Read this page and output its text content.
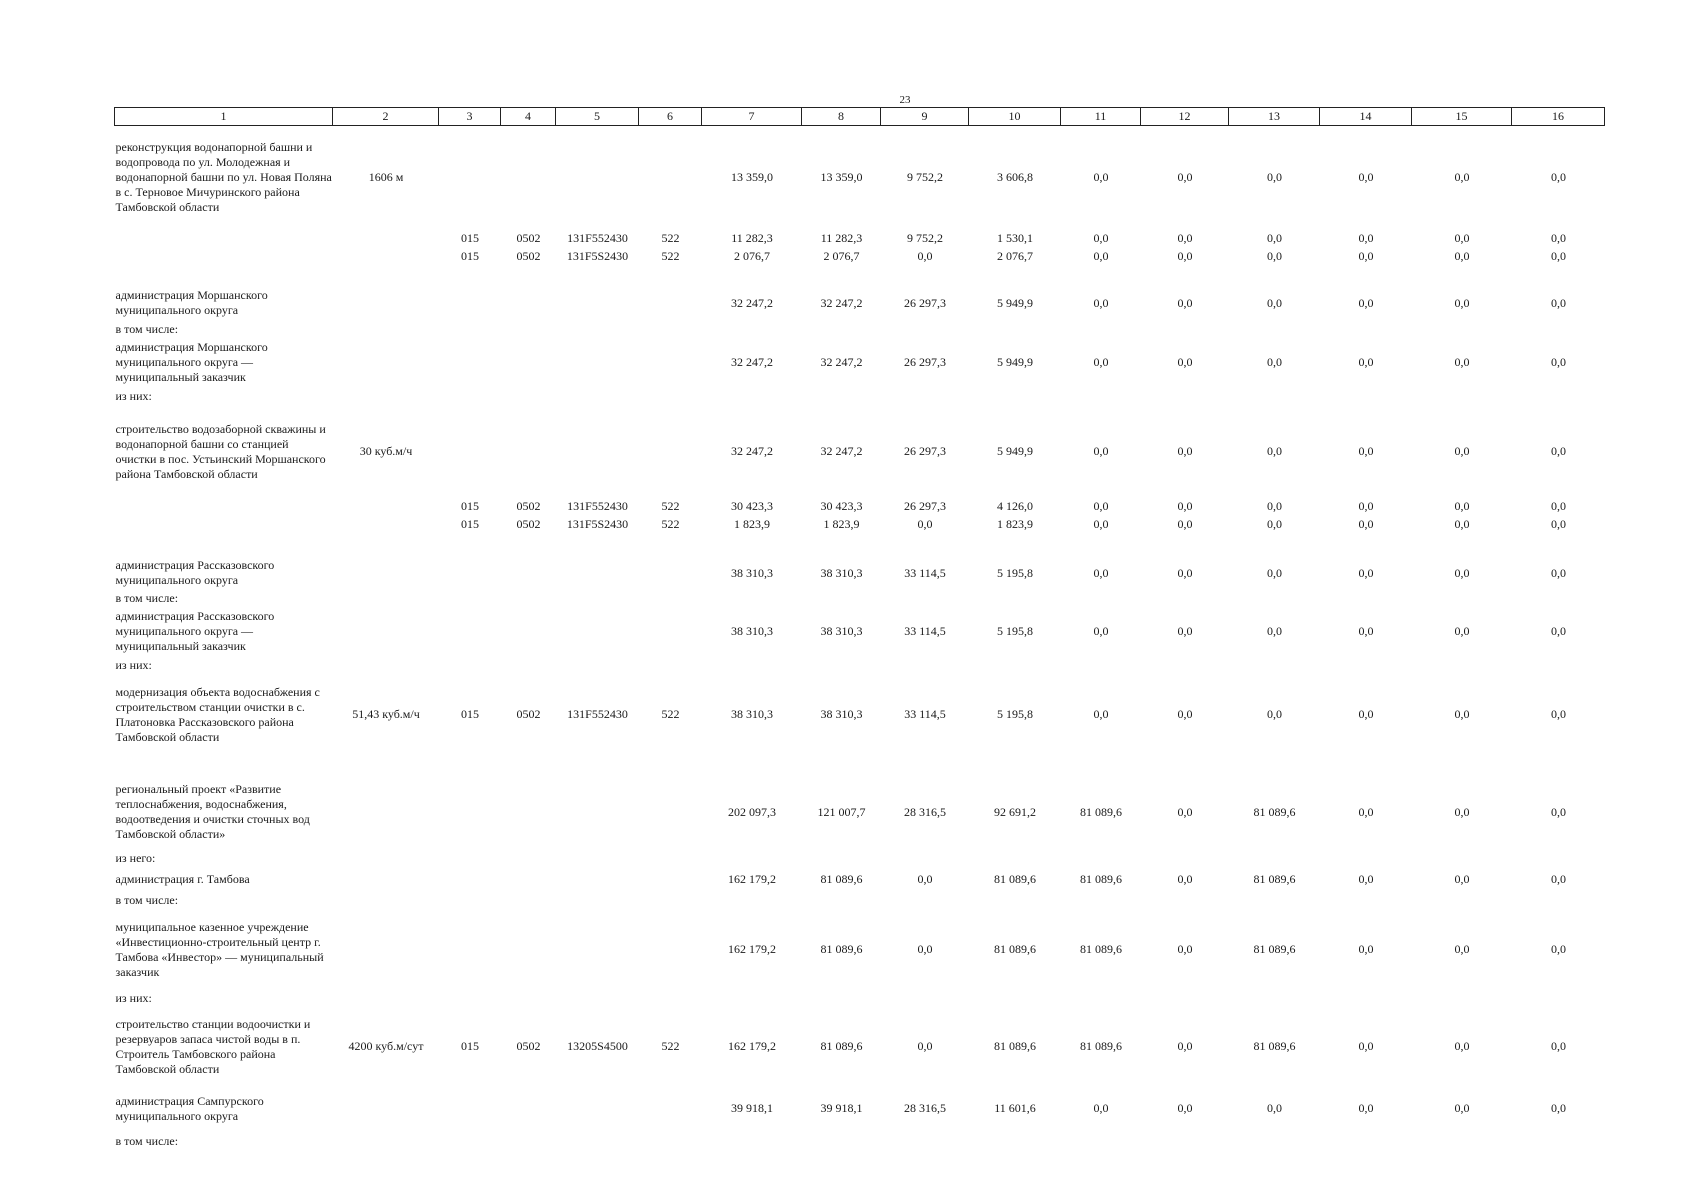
23
1	2	3	4	5	6	7	8	9	10	11	12	13	14	15	16
реконструкция водонапорной башни и водопровода по ул. Молодежная и водонапорной башни по ул. Новая Поляна в с. Терновое Мичуринского района Тамбовской области	1606 м					13 359,0	13 359,0	9 752,2	3 606,8	0,0	0,0	0,0	0,0	0,0	0,0
		015	0502	131F552430	522	11 282,3	11 282,3	9 752,2	1 530,1	0,0	0,0	0,0	0,0	0,0	0,0
		015	0502	131F5S2430	522	2 076,7	2 076,7	0,0	2 076,7	0,0	0,0	0,0	0,0	0,0	0,0

администрация Моршанского муниципального округа						32 247,2	32 247,2	26 297,3	5 949,9	0,0	0,0	0,0	0,0	0,0	0,0
в том числе:															
администрация Моршанского муниципального округа — муниципальный заказчик						32 247,2	32 247,2	26 297,3	5 949,9	0,0	0,0	0,0	0,0	0,0	0,0
из них:															
строительство водозаборной скважины и водонапорной башни со станцией очистки в пос. Устьинский Моршанского района Тамбовской области	30 куб.м/ч					32 247,2	32 247,2	26 297,3	5 949,9	0,0	0,0	0,0	0,0	0,0	0,0
		015	0502	131F552430	522	30 423,3	30 423,3	26 297,3	4 126,0	0,0	0,0	0,0	0,0	0,0	0,0
		015	0502	131F5S2430	522	1 823,9	1 823,9	0,0	1 823,9	0,0	0,0	0,0	0,0	0,0	0,0

администрация Рассказовского муниципального округа						38 310,3	38 310,3	33 114,5	5 195,8	0,0	0,0	0,0	0,0	0,0	0,0
в том числе:															
администрация Рассказовского муниципального округа — муниципальный заказчик						38 310,3	38 310,3	33 114,5	5 195,8	0,0	0,0	0,0	0,0	0,0	0,0
из них:															
модернизация объекта водоснабжения с строительством станции очистки в с. Платоновка Рассказовского района Тамбовской области	51,43 куб.м/ч	015	0502	131F552430	522	38 310,3	38 310,3	33 114,5	5 195,8	0,0	0,0	0,0	0,0	0,0	0,0

региональный проект «Развитие теплоснабжения, водоснабжения, водоотведения и очистки сточных вод Тамбовской области»						202 097,3	121 007,7	28 316,5	92 691,2	81 089,6	0,0	81 089,6	0,0	0,0	0,0
из него:															
администрация г. Тамбова						162 179,2	81 089,6	0,0	81 089,6	81 089,6	0,0	81 089,6	0,0	0,0	0,0
в том числе:															
муниципальное казенное учреждение «Инвестиционно-строительный центр г. Тамбова «Инвестор» — муниципальный заказчик						162 179,2	81 089,6	0,0	81 089,6	81 089,6	0,0	81 089,6	0,0	0,0	0,0
из них:															
строительство станции водоочистки и резервуаров запаса чистой воды в п. Строитель Тамбовского района Тамбовской области	4200 куб.м/сут	015	0502	13205S4500	522	162 179,2	81 089,6	0,0	81 089,6	81 089,6	0,0	81 089,6	0,0	0,0	0,0
администрация Сампурского муниципального округа						39 918,1	39 918,1	28 316,5	11 601,6	0,0	0,0	0,0	0,0	0,0	0,0
в том числе:															
